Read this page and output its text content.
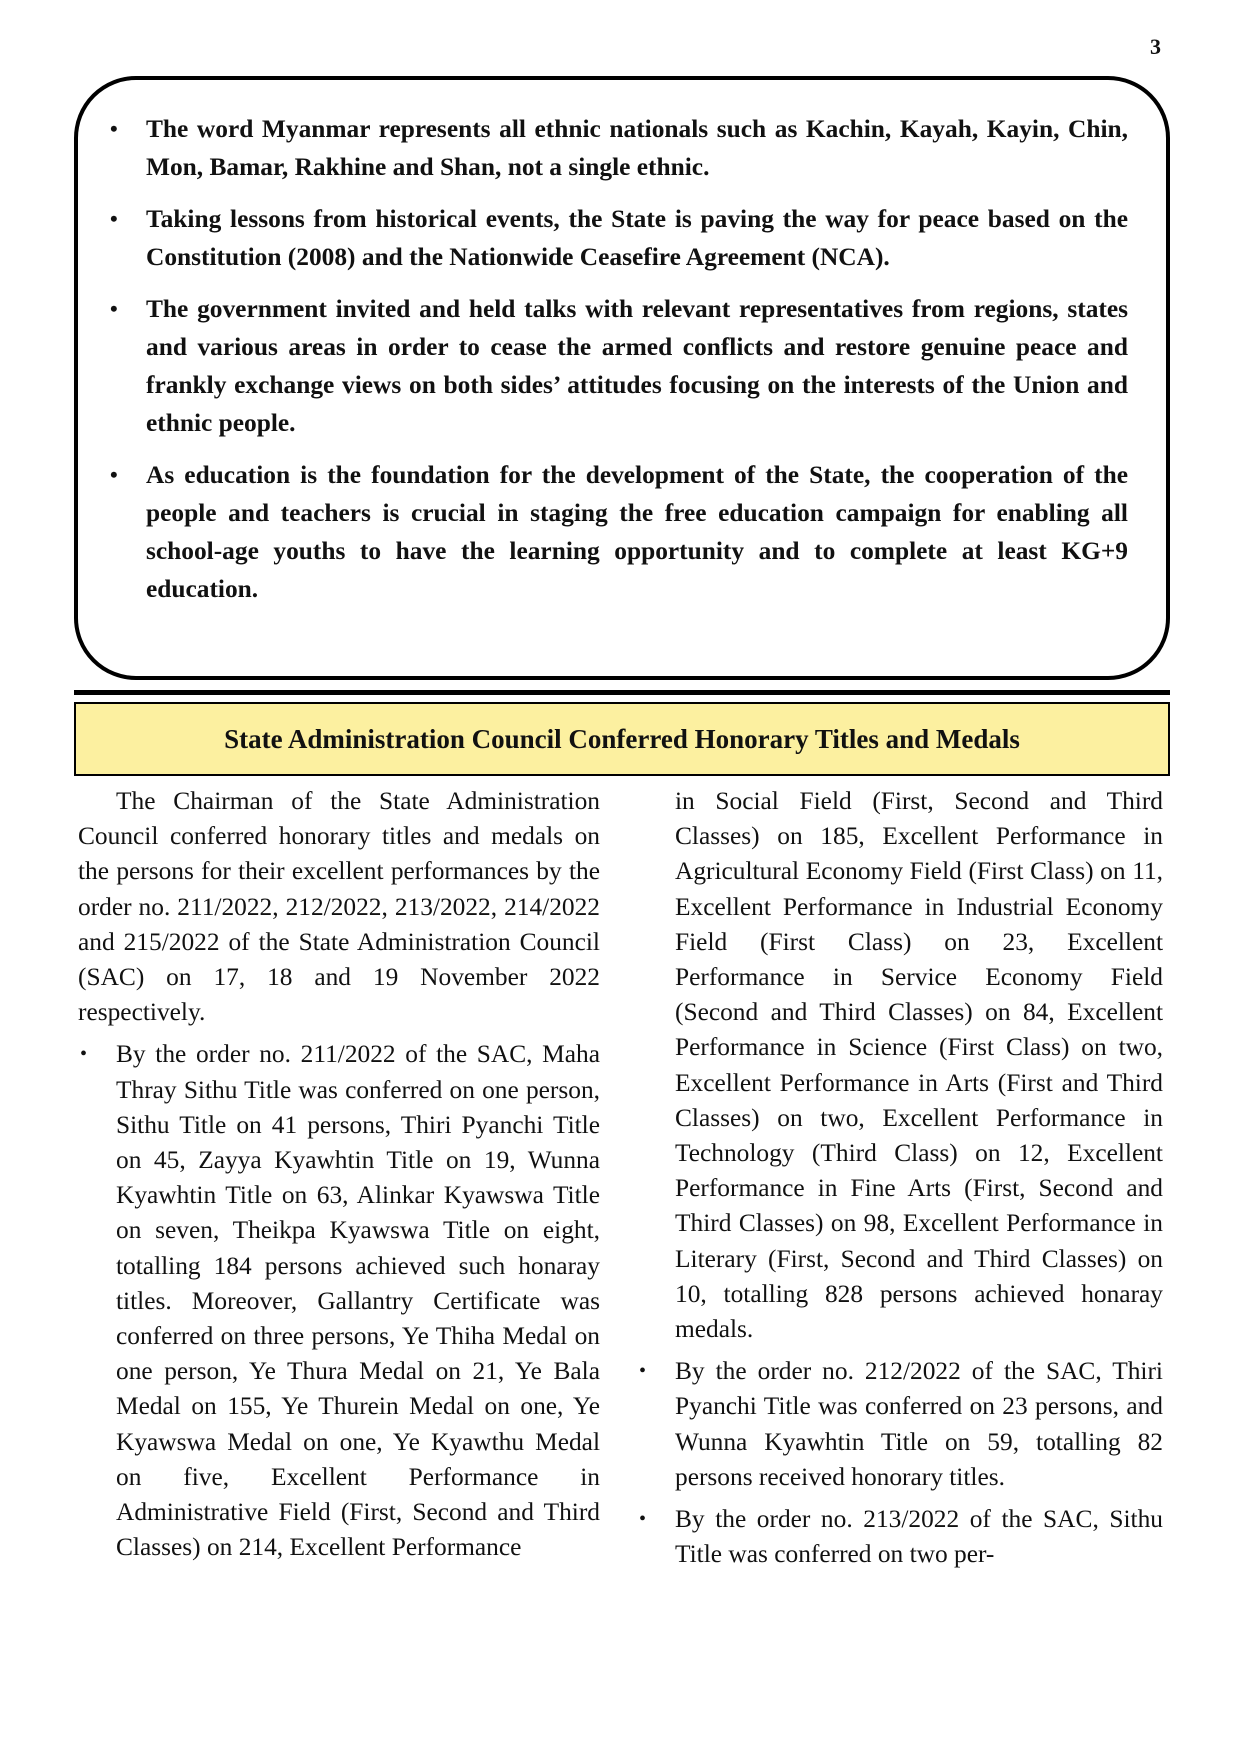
3
• The word Myanmar represents all ethnic nationals such as Kachin, Kayah, Kayin, Chin, Mon, Bamar, Rakhine and Shan, not a single ethnic.
• Taking lessons from historical events, the State is paving the way for peace based on the Constitution (2008) and the Nationwide Ceasefire Agreement (NCA).
• The government invited and held talks with relevant representatives from regions, states and various areas in order to cease the armed conflicts and restore genuine peace and frankly exchange views on both sides’ attitudes focusing on the interests of the Union and ethnic people.
• As education is the foundation for the development of the State, the cooperation of the people and teachers is crucial in staging the free education campaign for enabling all school-age youths to have the learning opportunity and to complete at least KG+9 education.
State Administration Council Conferred Honorary Titles and Medals

The Chairman of the State Administration Council conferred honorary titles and medals on the persons for their excellent performances by the order no. 211/2022, 212/2022, 213/2022, 214/2022 and 215/2022 of the State Administration Council (SAC) on 17, 18 and 19 November 2022 respectively.

• By the order no. 211/2022 of the SAC, Maha Thray Sithu Title was conferred on one person, Sithu Title on 41 persons, Thiri Pyanchi Title on 45, Zayya Kyawhtin Title on 19, Wunna Kyawhtin Title on 63, Alinkar Kyawswa Title on seven, Theikpa Kyawswa Title on eight, totalling 184 persons achieved such honaray titles. Moreover, Gallantry Certificate was conferred on three persons, Ye Thiha Medal on one person, Ye Thura Medal on 21, Ye Bala Medal on 155, Ye Thurein Medal on one, Ye Kyawswa Medal on one, Ye Kyawthu Medal on five, Excellent Performance in Administrative Field (First, Second and Third Classes) on 214, Excellent Performance

in Social Field (First, Second and Third Classes) on 185, Excellent Performance in Agricultural Economy Field (First Class) on 11, Excellent Performance in Industrial Economy Field (First Class) on 23, Excellent Performance in Service Economy Field (Second and Third Classes) on 84, Excellent Performance in Science (First Class) on two, Excellent Performance in Arts (First and Third Classes) on two, Excellent Performance in Technology (Third Class) on 12, Excellent Performance in Fine Arts (First, Second and Third Classes) on 98, Excellent Performance in Literary (First, Second and Third Classes) on 10, totalling 828 persons achieved honaray medals.

• By the order no. 212/2022 of the SAC, Thiri Pyanchi Title was conferred on 23 persons, and Wunna Kyawhtin Title on 59, totalling 82 persons received honorary titles.

• By the order no. 213/2022 of the SAC, Sithu Title was conferred on two per-
